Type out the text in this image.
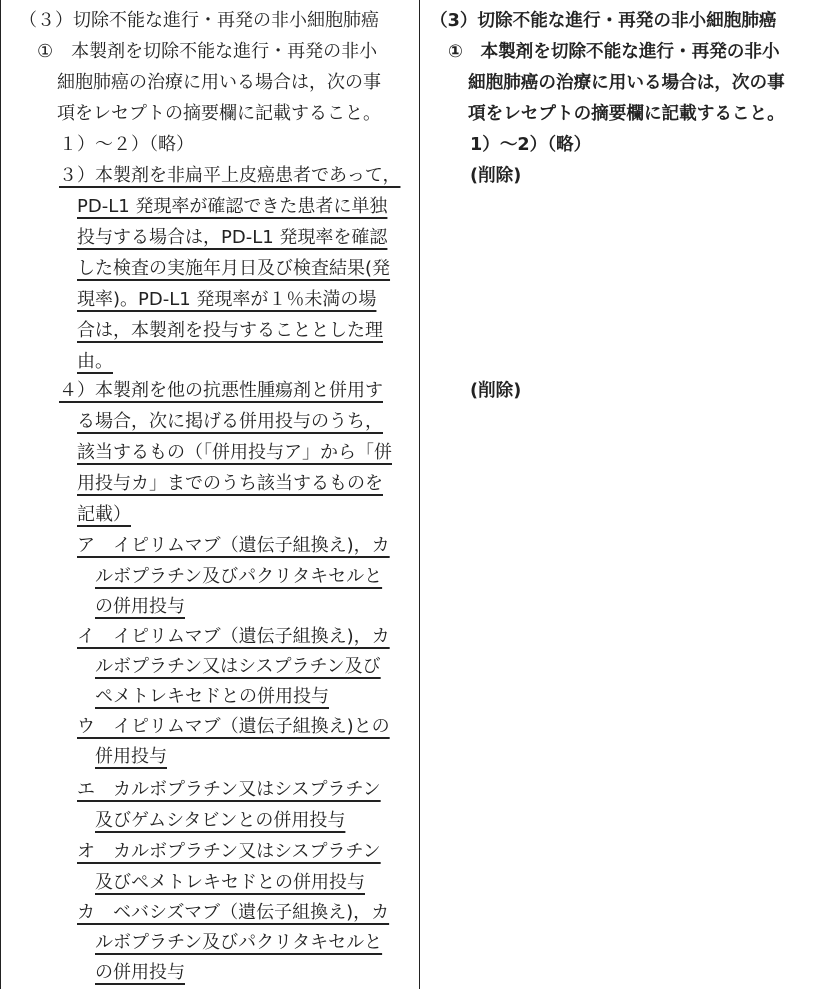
（３）切除不能な進行・再発の非小細胞肺癌
①　本製剤を切除不能な進行・再発の非小
細胞肺癌の治療に用いる場合は，次の事
項をレセプトの摘要欄に記載すること。
１）～２）（略）
３）本製剤を非扁平上皮癌患者であって，
PD-L1 発現率が確認できた患者に単独
投与する場合は，PD-L1 発現率を確認
した検査の実施年月日及び検査結果(発
現率)。PD-L1 発現率が１％未満の場
合は，本製剤を投与することとした理
由。
４）本製剤を他の抗悪性腫瘍剤と併用す
る場合，次に掲げる併用投与のうち，
該当するもの（「併用投与ア」から「併
用投与カ」までのうち該当するものを
記載）
ア　イピリムマブ（遺伝子組換え)，カ
ルボプラチン及びパクリタキセルと
の併用投与
イ　イピリムマブ（遺伝子組換え)，カ
ルボプラチン又はシスプラチン及び
ペメトレキセドとの併用投与
ウ　イピリムマブ（遺伝子組換え)との
併用投与
エ　カルボプラチン又はシスプラチン
及びゲムシタビンとの併用投与
オ　カルボプラチン又はシスプラチン
及びペメトレキセドとの併用投与
カ　ベバシズマブ（遺伝子組換え)，カ
ルボプラチン及びパクリタキセルと
の併用投与
（3）切除不能な進行・再発の非小細胞肺癌
①　本製剤を切除不能な進行・再発の非小
細胞肺癌の治療に用いる場合は，次の事
項をレセプトの摘要欄に記載すること。
1）～2）（略）
(削除)
(削除)
